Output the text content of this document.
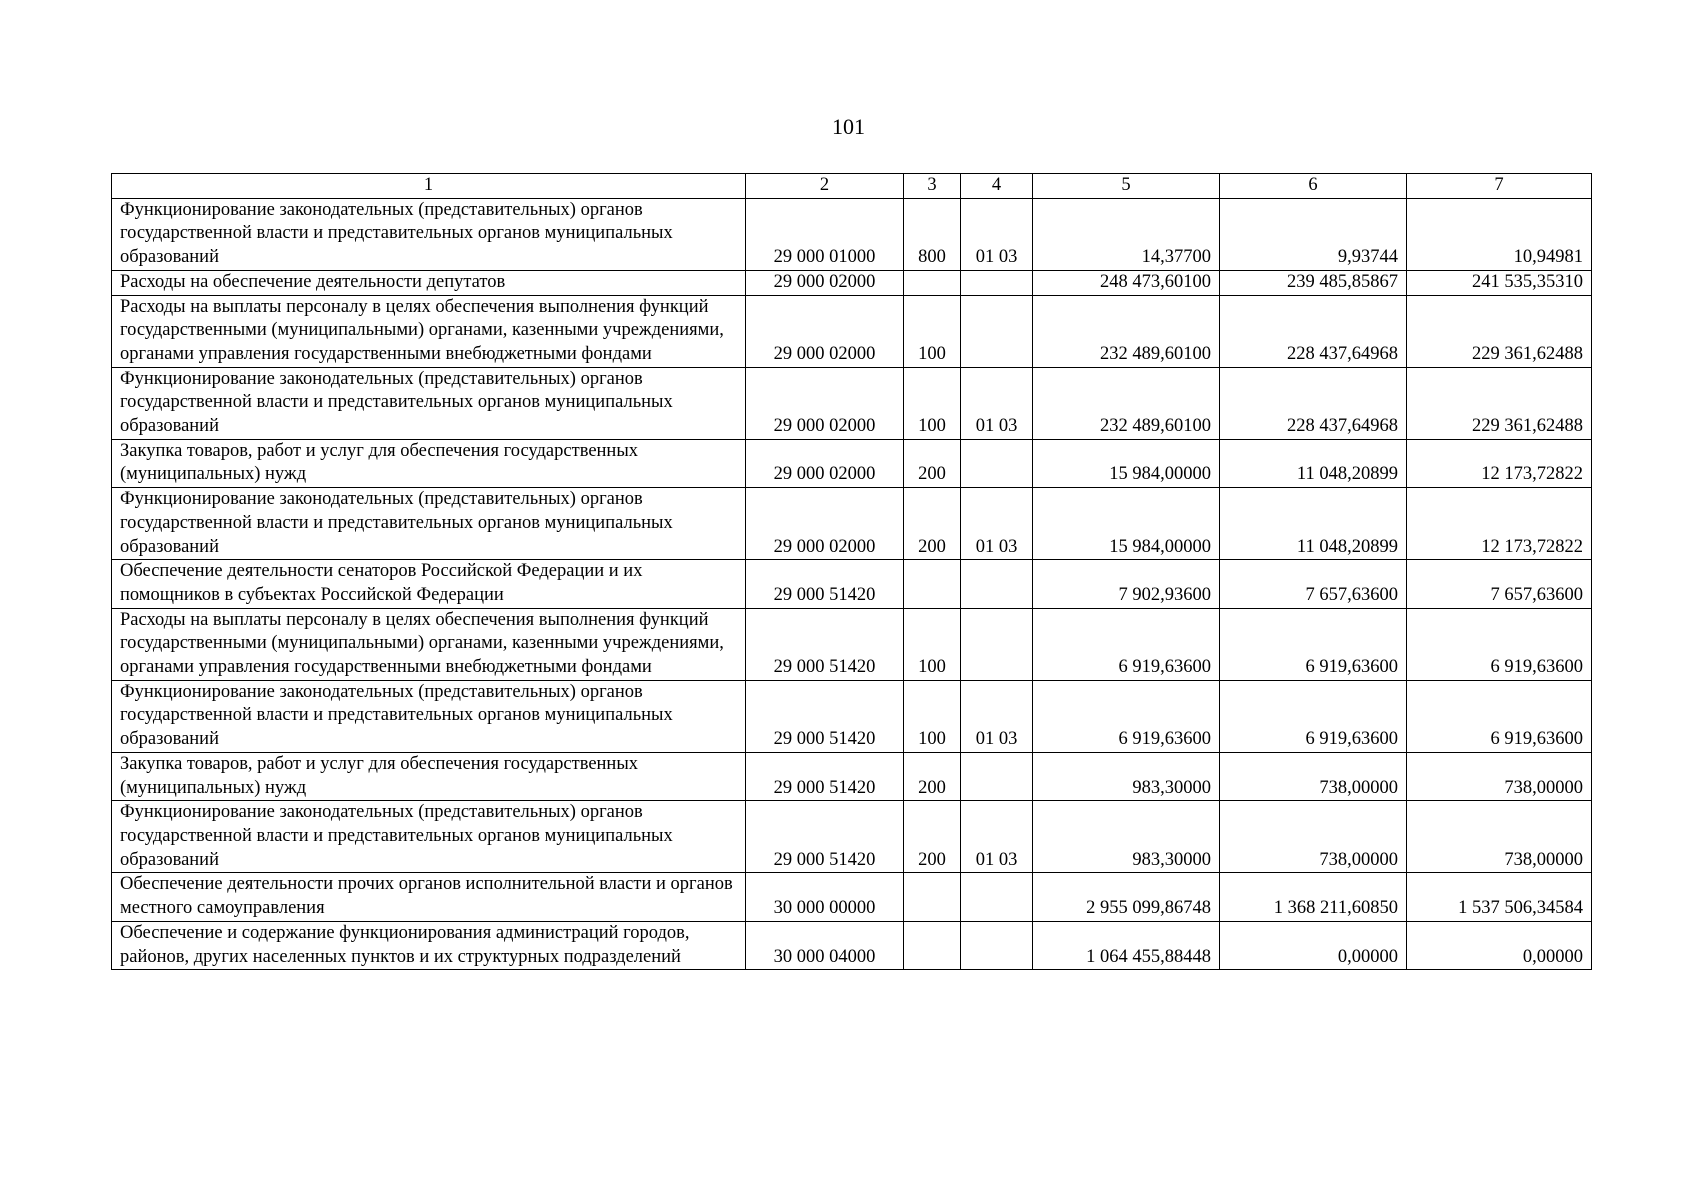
101
1	2	3	4	5	6	7
Функционирование законодательных (представительных) органов государственной власти и представительных органов муниципальных образований	29 000 01000	800	01 03	14,37700	9,93744	10,94981
Расходы на обеспечение деятельности депутатов	29 000 02000			248 473,60100	239 485,85867	241 535,35310
Расходы на выплаты персоналу в целях обеспечения выполнения функций государственными (муниципальными) органами, казенными учреждениями, органами управления государственными внебюджетными фондами	29 000 02000	100		232 489,60100	228 437,64968	229 361,62488
Функционирование законодательных (представительных) органов государственной власти и представительных органов муниципальных образований	29 000 02000	100	01 03	232 489,60100	228 437,64968	229 361,62488
Закупка товаров, работ и услуг для обеспечения государственных (муниципальных) нужд	29 000 02000	200		15 984,00000	11 048,20899	12 173,72822
Функционирование законодательных (представительных) органов государственной власти и представительных органов муниципальных образований	29 000 02000	200	01 03	15 984,00000	11 048,20899	12 173,72822
Обеспечение деятельности сенаторов Российской Федерации и их помощников в субъектах Российской Федерации	29 000 51420			7 902,93600	7 657,63600	7 657,63600
Расходы на выплаты персоналу в целях обеспечения выполнения функций государственными (муниципальными) органами, казенными учреждениями, органами управления государственными внебюджетными фондами	29 000 51420	100		6 919,63600	6 919,63600	6 919,63600
Функционирование законодательных (представительных) органов государственной власти и представительных органов муниципальных образований	29 000 51420	100	01 03	6 919,63600	6 919,63600	6 919,63600
Закупка товаров, работ и услуг для обеспечения государственных (муниципальных) нужд	29 000 51420	200		983,30000	738,00000	738,00000
Функционирование законодательных (представительных) органов государственной власти и представительных органов муниципальных образований	29 000 51420	200	01 03	983,30000	738,00000	738,00000
Обеспечение деятельности прочих органов исполнительной власти и органов местного самоуправления	30 000 00000			2 955 099,86748	1 368 211,60850	1 537 506,34584
Обеспечение и содержание функционирования администраций городов, районов, других населенных пунктов и их структурных подразделений	30 000 04000			1 064 455,88448	0,00000	0,00000
